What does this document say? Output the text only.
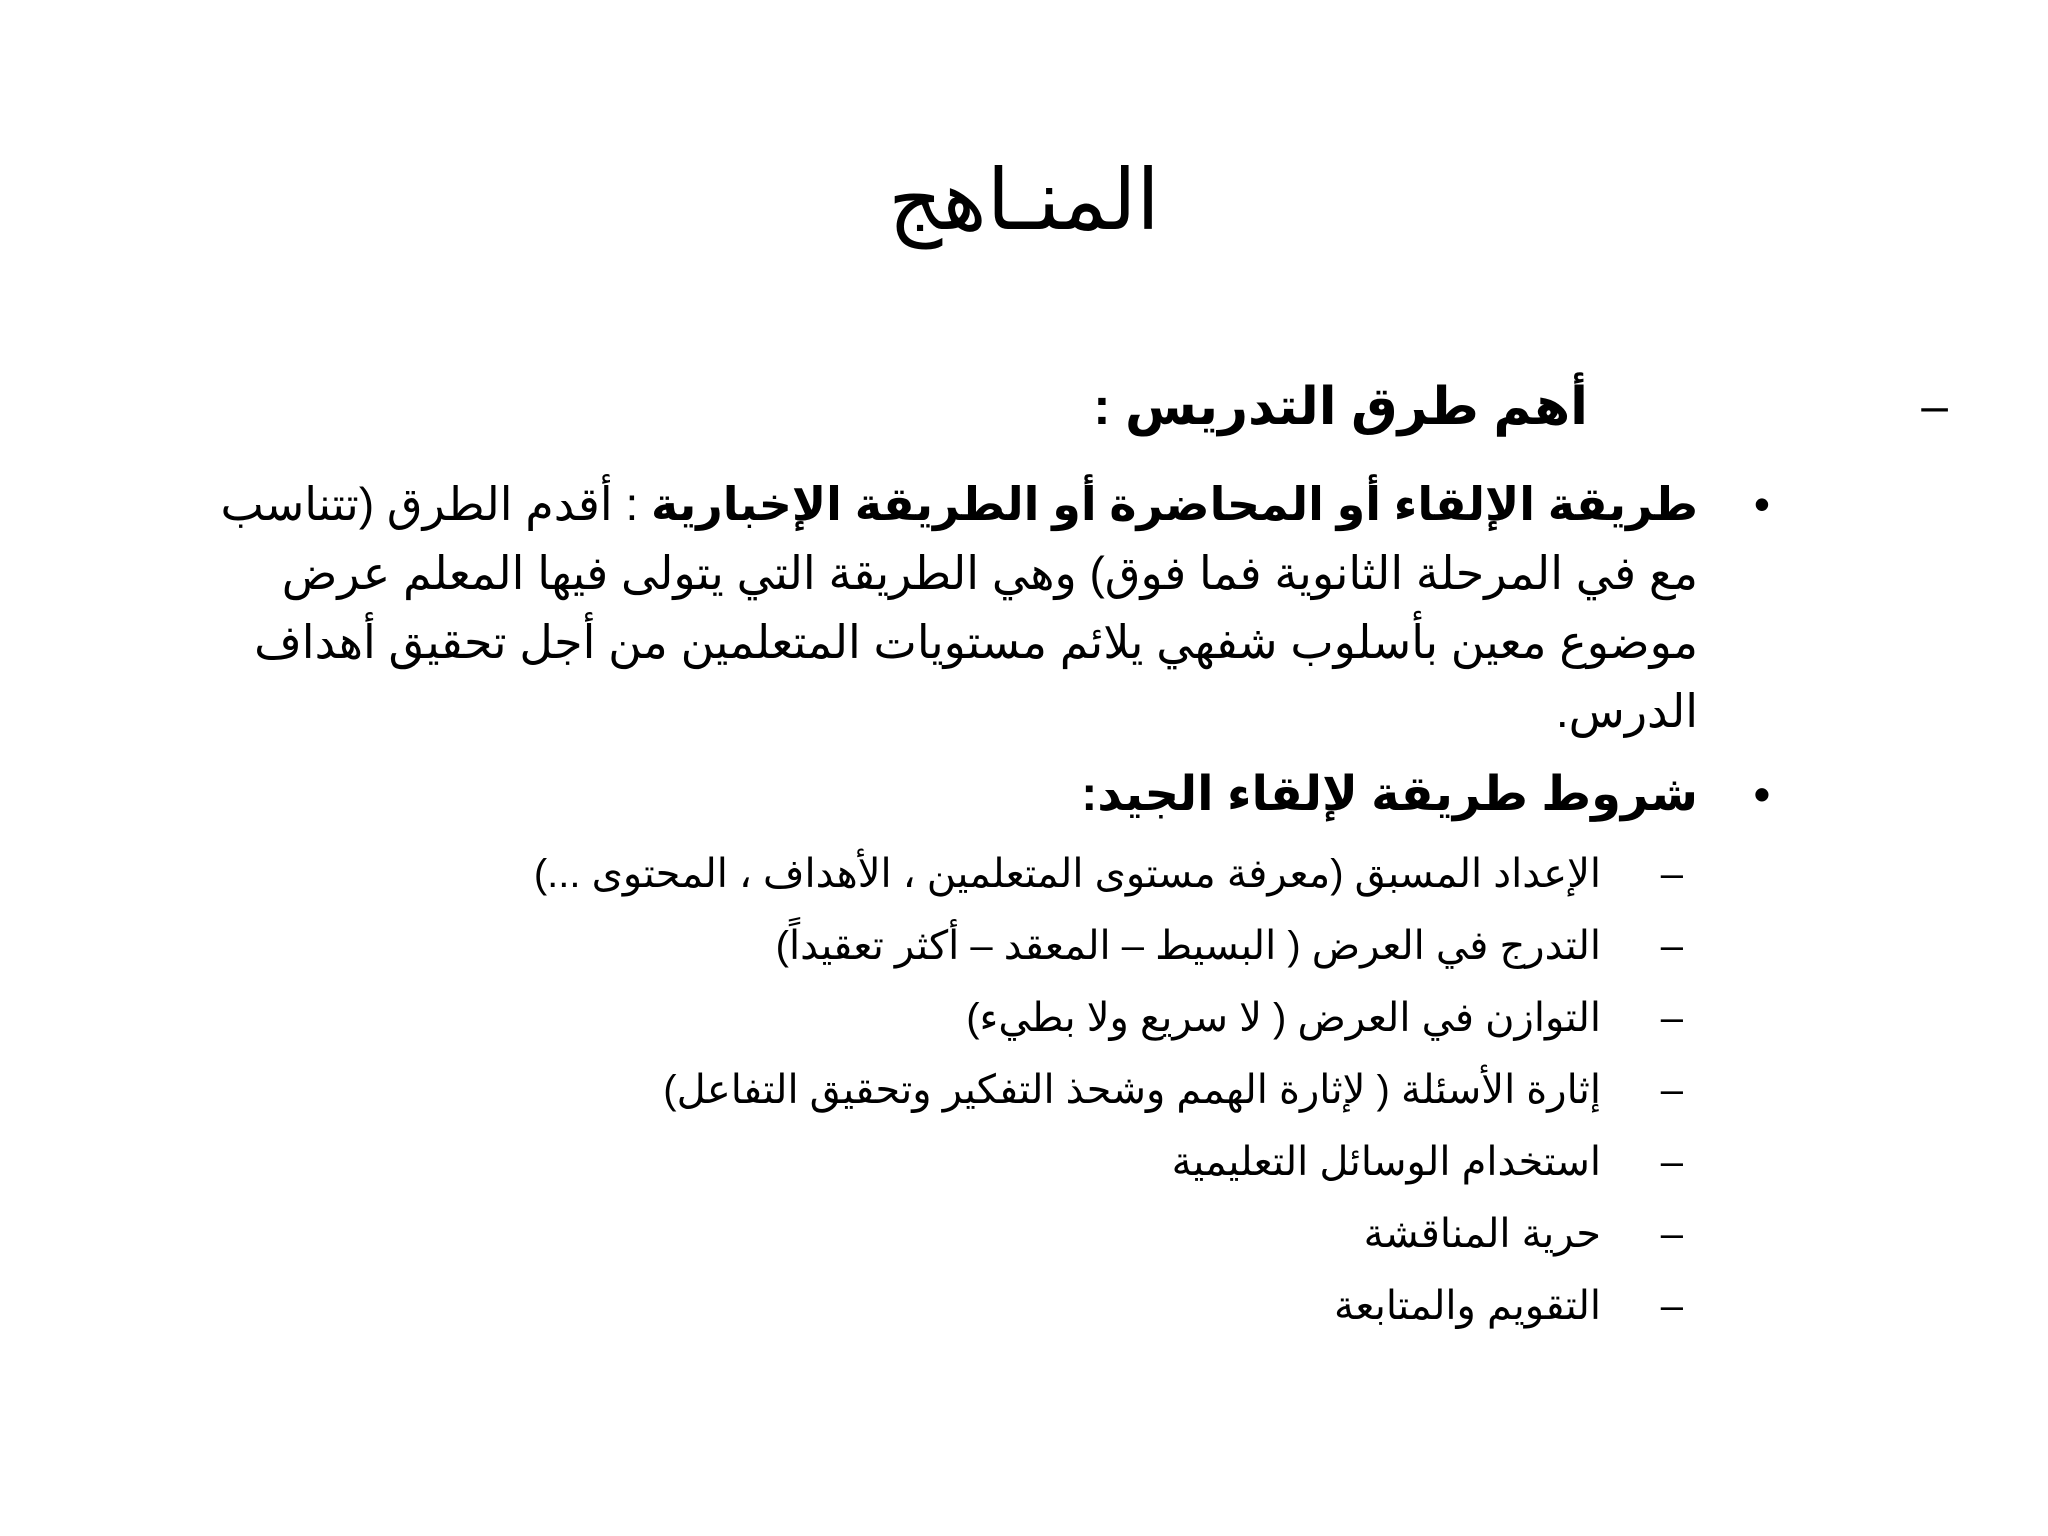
المنـاهج
–
أهم طرق التدريس :
•
طريقة الإلقاء أو المحاضرة أو الطريقة الإخبارية : أقدم الطرق (تتناسب مع في المرحلة الثانوية فما فوق) وهي الطريقة التي يتولى فيها المعلم عرض موضوع معين بأسلوب شفهي يلائم مستويات المتعلمين من أجل تحقيق أهداف الدرس.
•
شروط طريقة لإلقاء الجيد:
–
الإعداد المسبق (معرفة مستوى المتعلمين ، الأهداف ، المحتوى ...)
–
التدرج في العرض ( البسيط – المعقد – أكثر تعقيداً)
–
التوازن في العرض ( لا سريع ولا بطيء)
–
إثارة الأسئلة ( لإثارة الهمم وشحذ التفكير وتحقيق التفاعل)
–
استخدام الوسائل التعليمية
–
حرية المناقشة
–
التقويم والمتابعة
